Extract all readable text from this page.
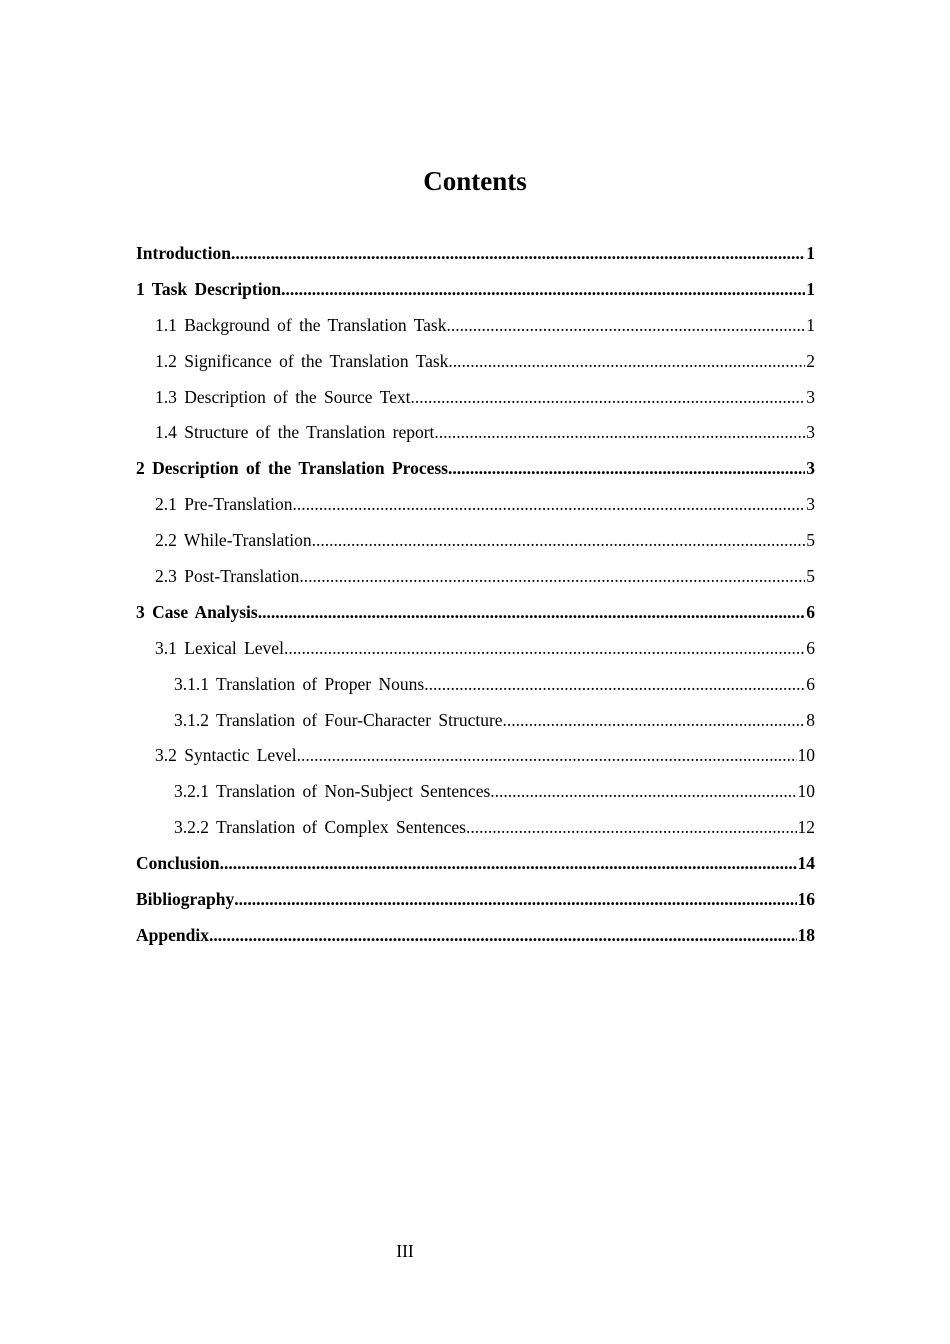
Contents
Introduction .....	1
1 Task Description .....	1
1.1 Background of the Translation Task .....	1
1.2 Significance of the Translation Task .....	2
1.3 Description of the Source Text .....	3
1.4 Structure of the Translation report .....	3
2 Description of the Translation Process .....	3
2.1 Pre-Translation .....	3
2.2 While-Translation .....	5
2.3 Post-Translation .....	5
3 Case Analysis .....	6
3.1 Lexical Level .....	6
3.1.1 Translation of Proper Nouns .....	6
3.1.2 Translation of Four-Character Structure .....	8
3.2 Syntactic Level .....	10
3.2.1 Translation of Non-Subject Sentences .....	10
3.2.2 Translation of Complex Sentences .....	12
Conclusion .....	14
Bibliography .....	16
Appendix .....	18
III
